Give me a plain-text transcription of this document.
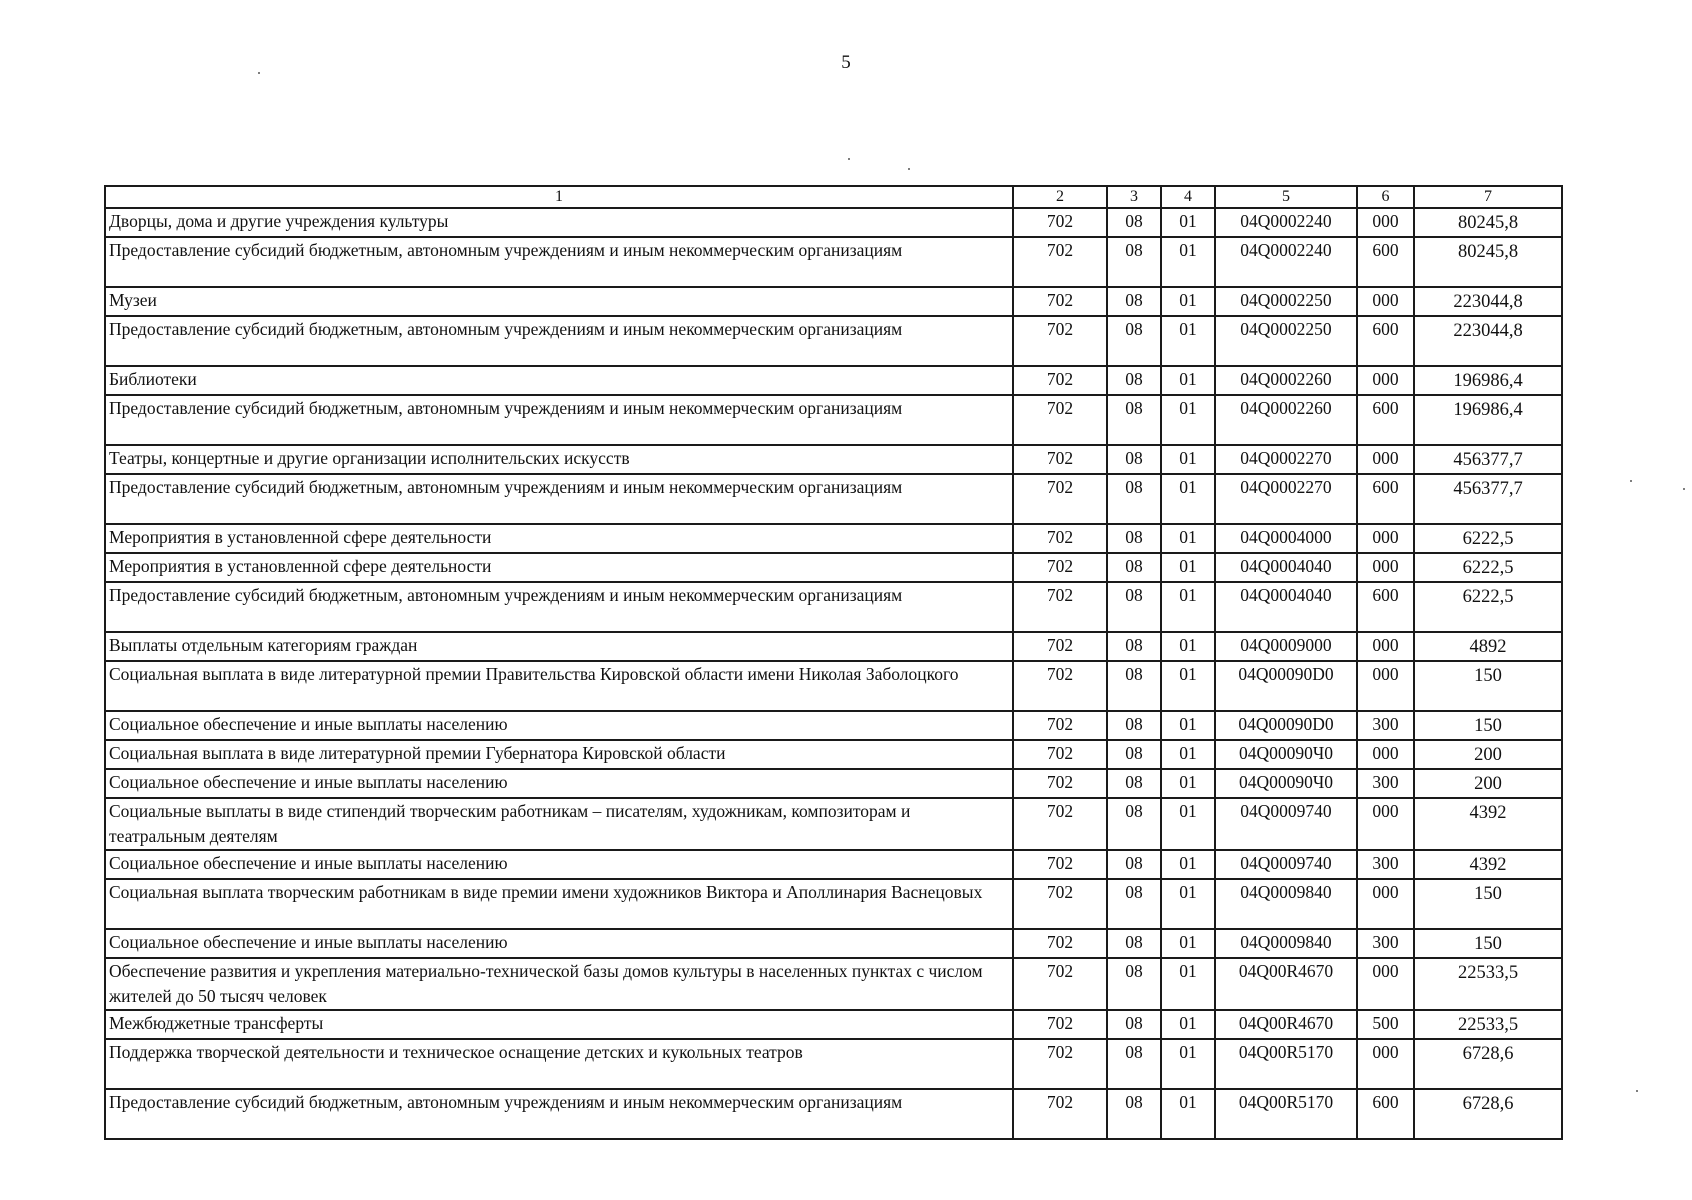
5
1	2	3	4	5	6	7
Дворцы, дома и другие учреждения культуры	702	08	01	04Q0002240	000	80245,8
Предоставление субсидий бюджетным, автономным учреждениям и иным некоммерческим организациям	702	08	01	04Q0002240	600	80245,8
Музеи	702	08	01	04Q0002250	000	223044,8
Предоставление субсидий бюджетным, автономным учреждениям и иным некоммерческим организациям	702	08	01	04Q0002250	600	223044,8
Библиотеки	702	08	01	04Q0002260	000	196986,4
Предоставление субсидий бюджетным, автономным учреждениям и иным некоммерческим организациям	702	08	01	04Q0002260	600	196986,4
Театры, концертные и другие организации исполнительских искусств	702	08	01	04Q0002270	000	456377,7
Предоставление субсидий бюджетным, автономным учреждениям и иным некоммерческим организациям	702	08	01	04Q0002270	600	456377,7
Мероприятия в установленной сфере деятельности	702	08	01	04Q0004000	000	6222,5
Мероприятия в установленной сфере деятельности	702	08	01	04Q0004040	000	6222,5
Предоставление субсидий бюджетным, автономным учреждениям и иным некоммерческим организациям	702	08	01	04Q0004040	600	6222,5
Выплаты отдельным категориям граждан	702	08	01	04Q0009000	000	4892
Социальная выплата в виде литературной премии Правительства Кировской области имени Николая Заболоцкого	702	08	01	04Q00090D0	000	150
Социальное обеспечение и иные выплаты населению	702	08	01	04Q00090D0	300	150
Социальная выплата в виде литературной премии Губернатора Кировской области	702	08	01	04Q00090Ч0	000	200
Социальное обеспечение и иные выплаты населению	702	08	01	04Q00090Ч0	300	200
Социальные выплаты в виде стипендий творческим работникам – писателям, художникам, композиторам и театральным деятелям	702	08	01	04Q0009740	000	4392
Социальное обеспечение и иные выплаты населению	702	08	01	04Q0009740	300	4392
Социальная выплата творческим работникам в виде премии имени художников Виктора и Аполлинария Васнецовых	702	08	01	04Q0009840	000	150
Социальное обеспечение и иные выплаты населению	702	08	01	04Q0009840	300	150
Обеспечение развития и укрепления материально-технической базы домов культуры в населенных пунктах с числом жителей до 50 тысяч человек	702	08	01	04Q00R4670	000	22533,5
Межбюджетные трансферты	702	08	01	04Q00R4670	500	22533,5
Поддержка творческой деятельности и техническое оснащение детских и кукольных театров	702	08	01	04Q00R5170	000	6728,6
Предоставление субсидий бюджетным, автономным учреждениям и иным некоммерческим организациям	702	08	01	04Q00R5170	600	6728,6
